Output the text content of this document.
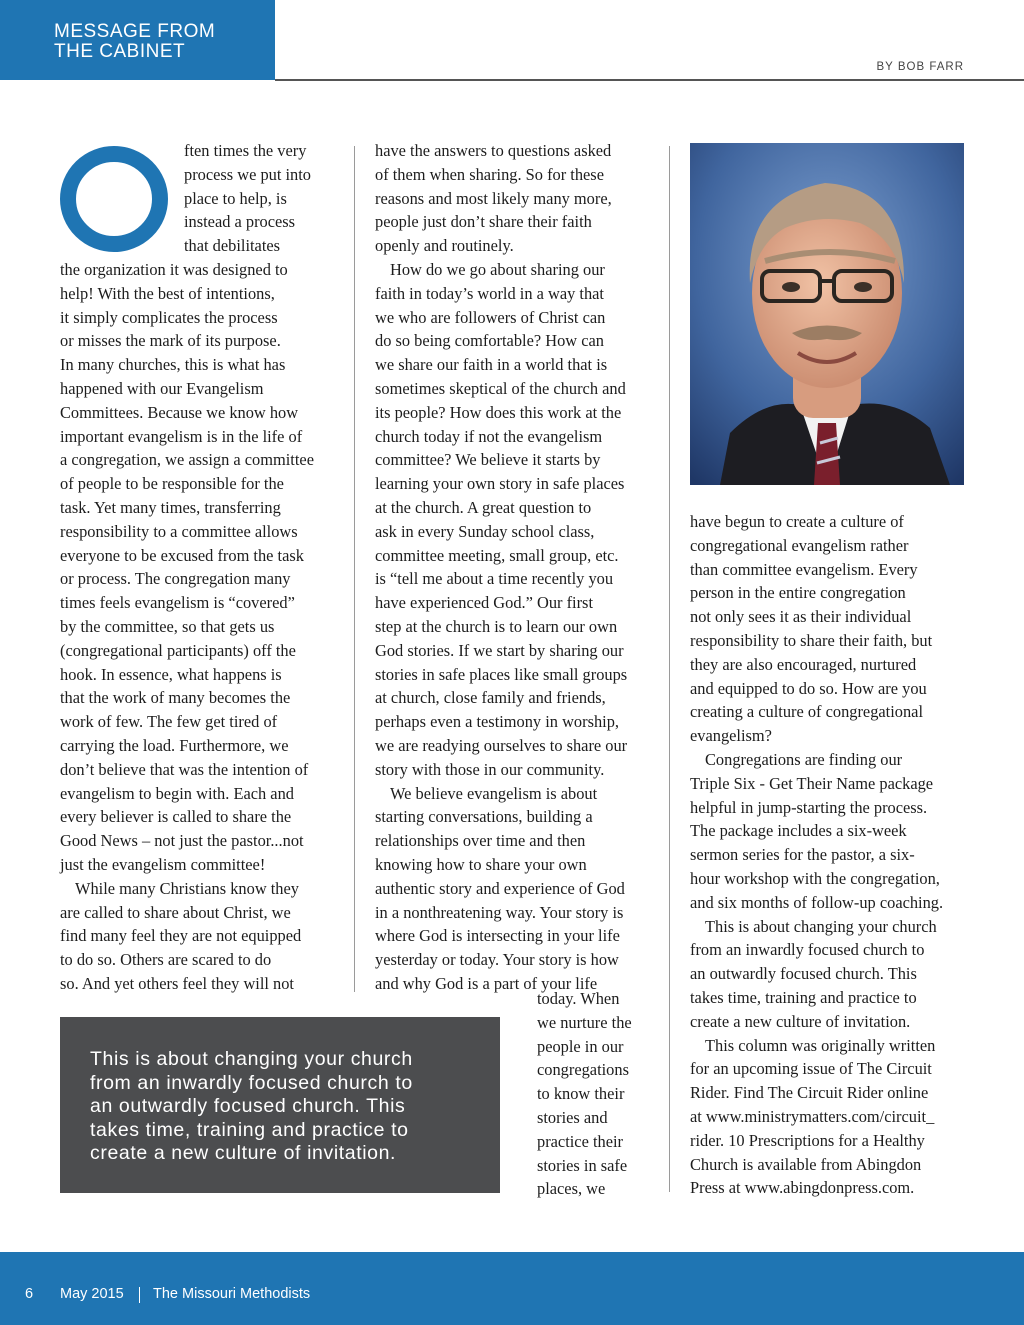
MESSAGE FROM
THE CABINET
BY BOB FARR
O	ften times the very
process we put into
place to help, is
instead a process
that debilitates
the organization it was designed to
help! With the best of intentions,
it simply complicates the process
or misses the mark of its purpose.
In many churches, this is what has
happened with our Evangelism
Committees. Because we know how
important evangelism is in the life of
a congregation, we assign a committee
of people to be responsible for the
task. Yet many times, transferring
responsibility to a committee allows
everyone to be excused from the task
or process. The congregation many
times feels evangelism is “covered”
by the committee, so that gets us
(congregational participants) off the
hook. In essence, what happens is
that the work of many becomes the
work of few. The few get tired of
carrying the load. Furthermore, we
don’t believe that was the intention of
evangelism to begin with. Each and
every believer is called to share the
Good News – not just the pastor...not
just the evangelism committee!
While many Christians know they
are called to share about Christ, we
find many feel they are not equipped
to do so. Others are scared to do
so. And yet others feel they will not
have the answers to questions asked
of them when sharing. So for these
reasons and most likely many more,
people just don’t share their faith
openly and routinely.
How do we go about sharing our
faith in today’s world in a way that
we who are followers of Christ can
do so being comfortable? How can
we share our faith in a world that is
sometimes skeptical of the church and
its people? How does this work at the
church today if not the evangelism
committee? We believe it starts by
learning your own story in safe places
at the church. A great question to
ask in every Sunday school class,
committee meeting, small group, etc.
is “tell me about a time recently you
have experienced God.” Our first
step at the church is to learn our own
God stories. If we start by sharing our
stories in safe places like small groups
at church, close family and friends,
perhaps even a testimony in worship,
we are readying ourselves to share our
story with those in our community.
We believe evangelism is about
starting conversations, building a
relationships over time and then
knowing how to share your own
authentic story and experience of God
in a nonthreatening way. Your story is
where God is intersecting in your life
yesterday or today. Your story is how
and why God is a part of your life
today. When
we nurture the
people in our
congregations
to know their
stories and
practice their
stories in safe
places, we
have begun to create a culture of
congregational evangelism rather
than committee evangelism. Every
person in the entire congregation
not only sees it as their individual
responsibility to share their faith, but
they are also encouraged, nurtured
and equipped to do so. How are you
creating a culture of congregational
evangelism?
Congregations are finding our
Triple Six - Get Their Name package
helpful in jump-starting the process.
The package includes a six-week
sermon series for the pastor, a six-
hour workshop with the congregation,
and six months of follow-up coaching.
This is about changing your church
from an inwardly focused church to
an outwardly focused church. This
takes time, training and practice to
create a new culture of invitation.
This column was originally written
for an upcoming issue of The Circuit
Rider. Find The Circuit Rider online
at www.ministrymatters.com/circuit_
rider. 10 Prescriptions for a Healthy
Church is available from Abingdon
Press at www.abingdonpress.com.
This is about changing your church
from an inwardly focused church to
an outwardly focused church. This
takes time, training and practice to
create a new culture of invitation.
6 May 2015 The Missouri Methodists
